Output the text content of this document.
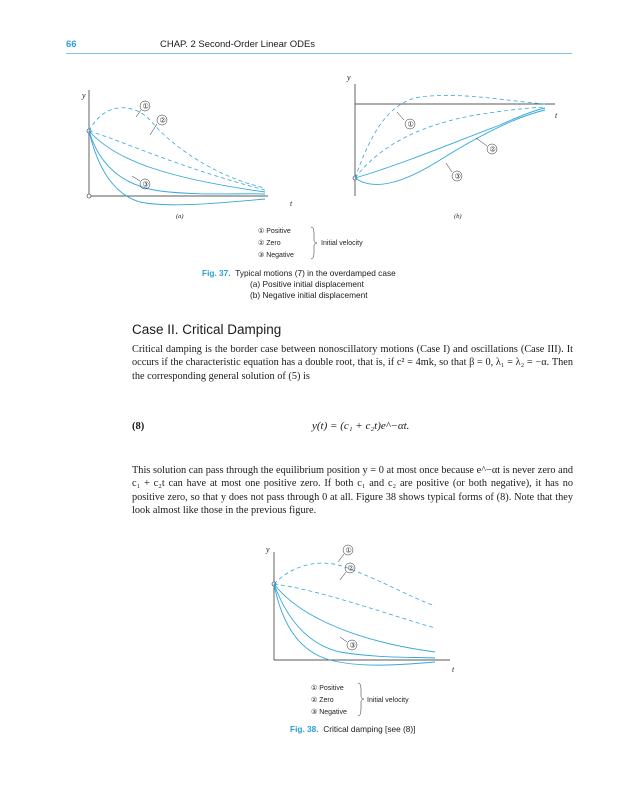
66	CHAP. 2 Second-Order Linear ODEs
y
t
①
②
③
(a)
y
t
①
②
③
(b)
① Positive
② Zero
③ Negative
Initial velocity
Fig. 37. Typical motions (7) in the overdamped case
(a) Positive initial displacement
(b) Negative initial displacement
Case II. Critical Damping
Critical damping is the border case between nonoscillatory motions (Case I) and oscillations (Case III). It occurs if the characteristic equation has a double root, that is, if c² = 4mk, so that β = 0, λ₁ = λ₂ = −α. Then the corresponding general solution of (5) is
(8)	y(t) = (c₁ + c₂t)e^−αt.
This solution can pass through the equilibrium position y = 0 at most once because e^−αt is never zero and c₁ + c₂t can have at most one positive zero. If both c₁ and c₂ are positive (or both negative), it has no positive zero, so that y does not pass through 0 at all. Figure 38 shows typical forms of (8). Note that they look almost like those in the previous figure.
y
t
①
②
③
① Positive
② Zero
③ Negative
Initial velocity
Fig. 38. Critical damping [see (8)]
